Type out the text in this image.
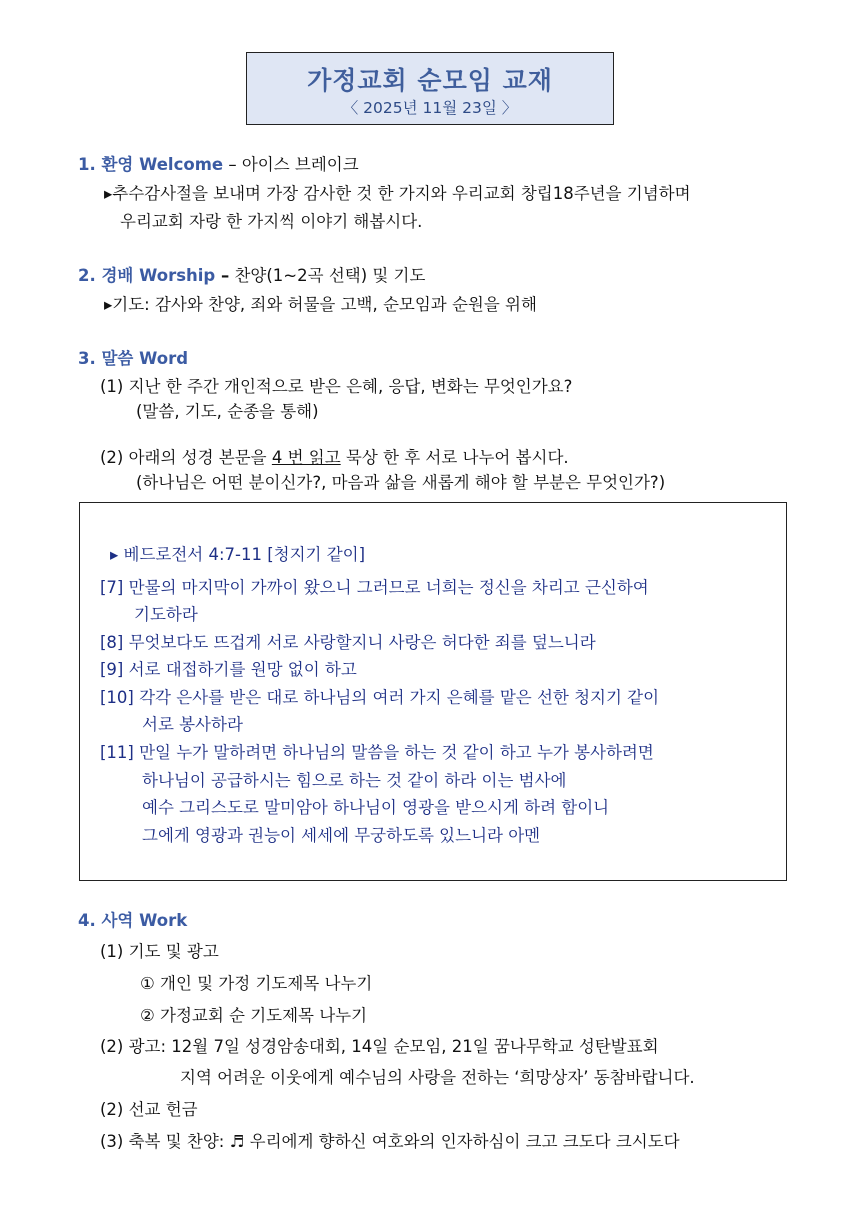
가정교회 순모임 교재
〈 2025년 11월 23일 〉
1. 환영 Welcome – 아이스 브레이크
▸추수감사절을 보내며 가장 감사한 것 한 가지와 우리교회 창립18주년을 기념하며
우리교회 자랑 한 가지씩 이야기 해봅시다.
2. 경배 Worship – 찬양(1~2곡 선택) 및 기도
▸기도: 감사와 찬양, 죄와 허물을 고백, 순모임과 순원을 위해
3. 말씀 Word
(1) 지난 한 주간 개인적으로 받은 은혜, 응답, 변화는 무엇인가요?
(말씀, 기도, 순종을 통해)
(2) 아래의 성경 본문을 4 번 읽고 묵상 한 후 서로 나누어 봅시다.
(하나님은 어떤 분이신가?, 마음과 삶을 새롭게 해야 할 부분은 무엇인가?)
▸ 베드로전서 4:7-11 [청지기 같이]
[7] 만물의 마지막이 가까이 왔으니 그러므로 너희는 정신을 차리고 근신하여
기도하라
[8] 무엇보다도 뜨겁게 서로 사랑할지니 사랑은 허다한 죄를 덮느니라
[9] 서로 대접하기를 원망 없이 하고
[10] 각각 은사를 받은 대로 하나님의 여러 가지 은혜를 맡은 선한 청지기 같이
서로 봉사하라
[11] 만일 누가 말하려면 하나님의 말씀을 하는 것 같이 하고 누가 봉사하려면
하나님이 공급하시는 힘으로 하는 것 같이 하라 이는 범사에
예수 그리스도로 말미암아 하나님이 영광을 받으시게 하려 함이니
그에게 영광과 권능이 세세에 무궁하도록 있느니라 아멘
4. 사역 Work
(1) 기도 및 광고
① 개인 및 가정 기도제목 나누기
② 가정교회 순 기도제목 나누기
(2) 광고: 12월 7일 성경암송대회, 14일 순모임, 21일 꿈나무학교 성탄발표회
지역 어려운 이웃에게 예수님의 사랑을 전하는 ‘희망상자’ 동참바랍니다.
(2) 선교 헌금
(3) 축복 및 찬양: ♬ 우리에게 향하신 여호와의 인자하심이 크고 크도다 크시도다
